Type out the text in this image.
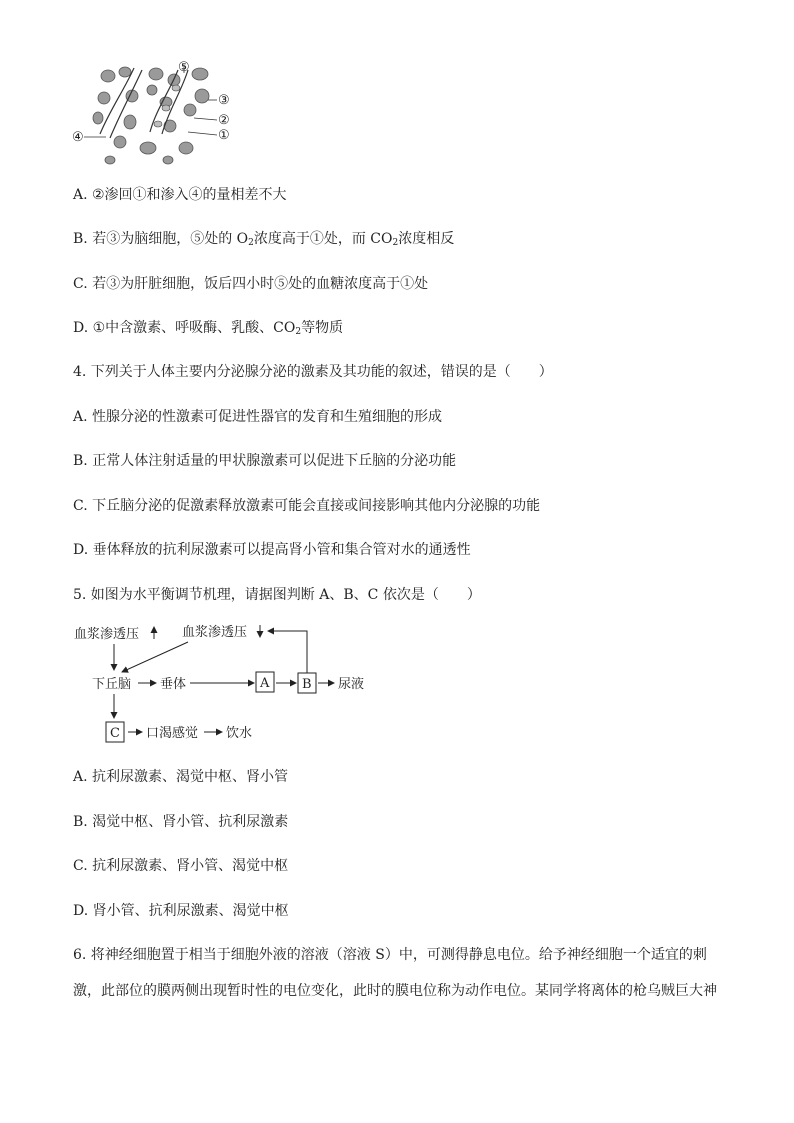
⑤
③
②
①
④
A. ②渗回①和渗入④的量相差不大
B. 若③为脑细胞，⑤处的 $O_2$浓度高于①处，而 $CO_2$浓度相反
C. 若③为肝脏细胞，饭后四小时⑤处的血糖浓度高于①处
D. ①中含激素、呼吸酶、乳酸、$CO_2$等物质
4. 下列关于人体主要内分泌腺分泌的激素及其功能的叙述，错误的是（　　）
A. 性腺分泌的性激素可促进性器官的发育和生殖细胞的形成
B. 正常人体注射适量的甲状腺激素可以促进下丘脑的分泌功能
C. 下丘脑分泌的促激素释放激素可能会直接或间接影响其他内分泌腺的功能
D. 垂体释放的抗利尿激素可以提高肾小管和集合管对水的通透性
5. 如图为水平衡调节机理，请据图判断 A、B、C 依次是（　　）
血浆渗透压	血浆渗透压
下丘脑 垂体	A	B 尿液
C 口渴感觉 饮水
A. 抗利尿激素、渴觉中枢、肾小管
B. 渴觉中枢、肾小管、抗利尿激素
C. 抗利尿激素、肾小管、渴觉中枢
D. 肾小管、抗利尿激素、渴觉中枢
6. 将神经细胞置于相当于细胞外液的溶液（溶液 S）中，可测得静息电位。给予神经细胞一个适宜的刺
激，此部位的膜两侧出现暂时性的电位变化，此时的膜电位称为动作电位。某同学将离体的枪乌贼巨大神
